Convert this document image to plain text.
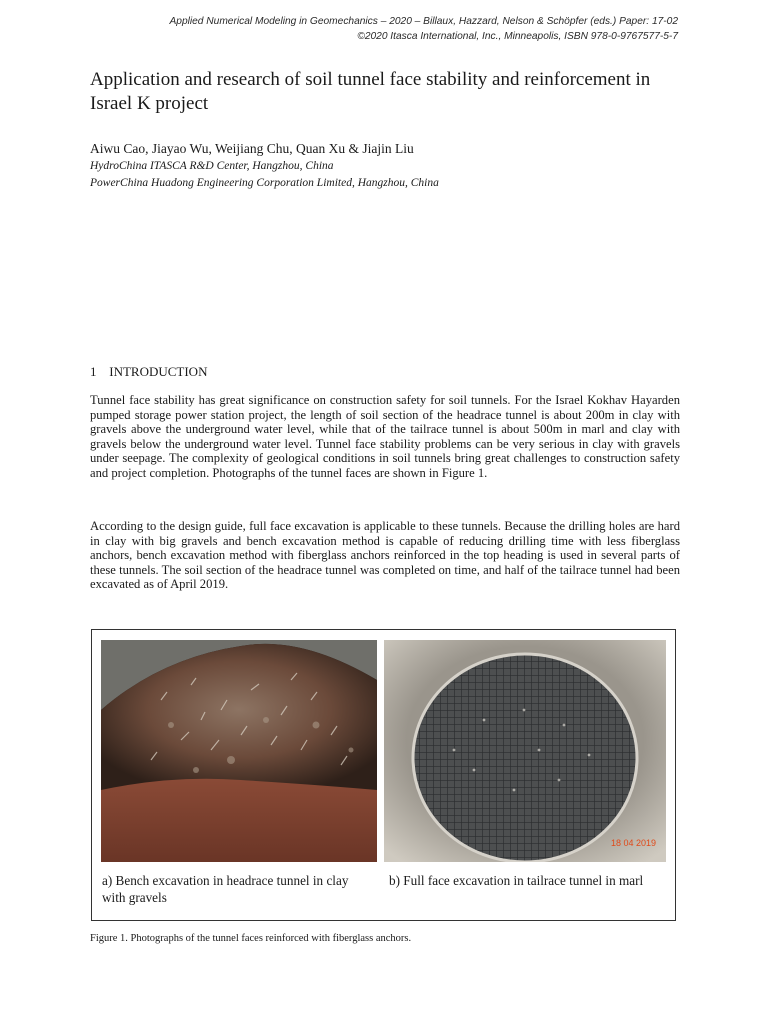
Applied Numerical Modeling in Geomechanics – 2020 – Billaux, Hazzard, Nelson & Schöpfer (eds.) Paper: 17-02
©2020 Itasca International, Inc., Minneapolis, ISBN 978-0-9767577-5-7
Application and research of soil tunnel face stability and reinforcement in Israel K project
Aiwu Cao, Jiayao Wu, Weijiang Chu, Quan Xu & Jiajin Liu
HydroChina ITASCA R&D Center, Hangzhou, China
PowerChina Huadong Engineering Corporation Limited, Hangzhou, China
1 INTRODUCTION

Tunnel face stability has great significance on construction safety for soil tunnels. For the Israel Kokhav Hayarden pumped storage power station project, the length of soil section of the headrace tunnel is about 200m in clay with gravels above the underground water level, while that of the tailrace tunnel is about 500m in marl and clay with gravels below the underground water level. Tunnel face stability problems can be very serious in clay with gravels under seepage. The complexity of geological conditions in soil tunnels bring great challenges to construction safety and project completion. Photographs of the tunnel faces are shown in Figure 1.

According to the design guide, full face excavation is applicable to these tunnels. Because the drilling holes are hard in clay with big gravels and bench excavation method is capable of reducing drilling time with less fiberglass anchors, bench excavation method with fiberglass anchors reinforced in the top heading is used in several parts of these tunnels. The soil section of the headrace tunnel was completed on time, and half of the tailrace tunnel had been excavated as of April 2019.

18 04 2019
a) Bench excavation in headrace tunnel in clay with gravels
b) Full face excavation in tailrace tunnel in marl
Figure 1. Photographs of the tunnel faces reinforced with fiberglass anchors.
